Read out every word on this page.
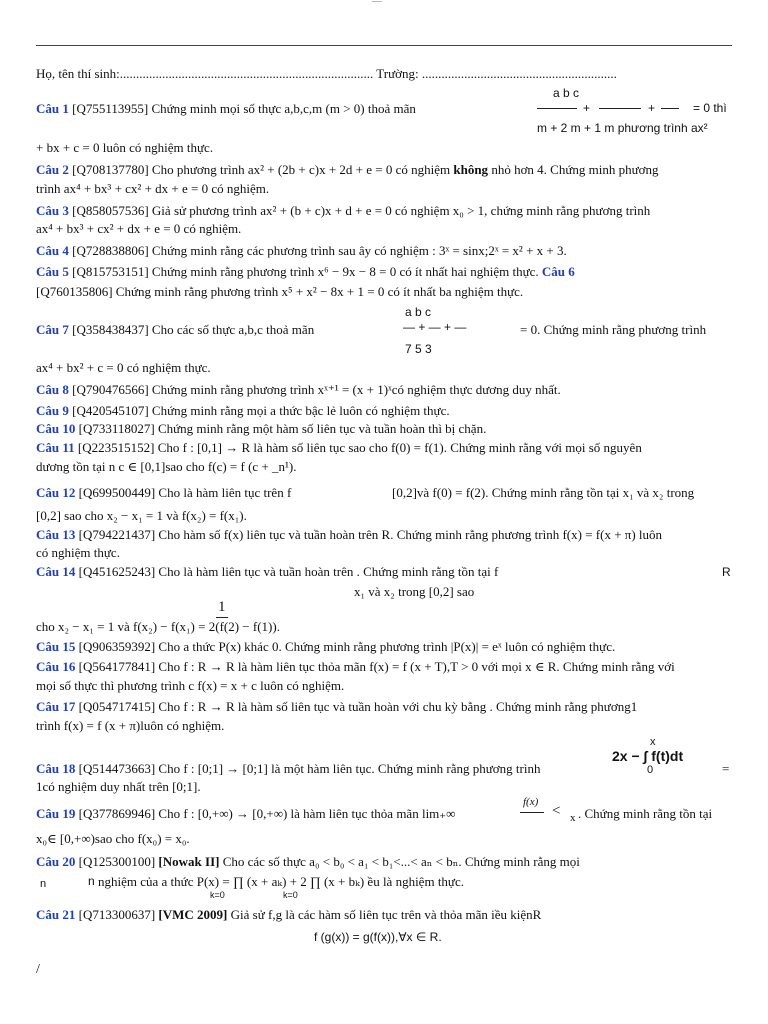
—
Họ, tên thí sinh:.............................................................................. Trường: ............................................................
a b c
+	+	= 0 thì
Câu 1 [Q755113955] Chứng minh mọi số thực a,b,c,m (m > 0) thoả mãn
m + 2 m + 1 m phương trình ax²
+ bx + c = 0 luôn có nghiệm thực.
Câu 2 [Q708137780] Cho phương trình ax² + (2b + c)x + 2d + e = 0 có nghiệm không nhỏ hơn 4. Chứng minh phương
trình ax⁴ + bx³ + cx² + dx + e = 0 có nghiệm.
Câu 3 [Q858057536] Giả sử phương trình ax² + (b + c)x + d + e = 0 có nghiệm x₀ > 1, chứng minh rằng phương trình
ax⁴ + bx³ + cx² + dx + e = 0 có nghiệm.
Câu 4 [Q728838806] Chứng minh rằng các phương trình sau ây có nghiệm : 3ˣ = sinx;2ˣ = x² + x + 3.
Câu 5 [Q815753151] Chứng minh rằng phương trình x⁶ − 9x − 8 = 0 có ít nhất hai nghiệm thực. Câu 6
[Q760135806] Chứng minh rằng phương trình x⁵ + x² − 8x + 1 = 0 có ít nhất ba nghiệm thực.
a b c
— + — + —
7 5 3
Câu 7 [Q358438437] Cho các số thực a,b,c thoả mãn	= 0. Chứng minh rằng phương trình
ax⁴ + bx² + c = 0 có nghiệm thực.
Câu 8 [Q790476566] Chứng minh rằng phương trình xˣ⁺¹ = (x + 1)ˣcó nghiệm thực dương duy nhất.
Câu 9 [Q420545107] Chứng minh rằng mọi a thức bậc lẻ luôn có nghiệm thực.
Câu 10 [Q733118027] Chứng minh rằng một hàm số liên tục và tuần hoàn thì bị chặn.
Câu 11 [Q223515152] Cho f : [0,1] → R là hàm số liên tục sao cho f(0) = f(1). Chứng minh rằng với mọi số nguyên
dương tồn tại n c ∈ [0,1]sao cho f(c) = f (c + _n¹).
Câu 12 [Q699500449] Cho là hàm liên tục trên f	[0,2]và f(0) = f(2). Chứng minh rằng tồn tại x₁ và x₂ trong
[0,2] sao cho x₂ − x₁ = 1 và f(x₂) = f(x₁).
Câu 13 [Q794221437] Cho hàm số f(x) liên tục và tuần hoàn trên R. Chứng minh rằng phương trình f(x) = f(x + π) luôn
có nghiệm thực.
Câu 14 [Q451625243] Cho là hàm liên tục và tuần hoàn trên . Chứng minh rằng tồn tại f	R
x₁ và x₂ trong [0,2] sao
1
cho x₂ − x₁ = 1 và f(x₂) − f(x₁) = 2(f(2) − f(1)).
Câu 15 [Q906359392] Cho a thức P(x) khác 0. Chứng minh rằng phương trình |P(x)| = eˣ luôn có nghiệm thực.
Câu 16 [Q564177841] Cho f : R → R là hàm liên tục thỏa mãn f(x) = f (x + T),T > 0 với mọi x ∈ R. Chứng minh rằng với
mọi số thực thì phương trình c f(x) = x + c luôn có nghiệm.
Câu 17 [Q054717415] Cho f : R → R là hàm số liên tục và tuần hoàn với chu kỳ bằng . Chứng minh rằng phương1
trình f(x) = f (x + π)luôn có nghiệm.
x
2x − ∫ f(t)dt
0	=
Câu 18 [Q514473663] Cho f : [0;1] → [0;1] là một hàm liên tục. Chứng minh rằng phương trình
1có nghiệm duy nhất trên [0;1].
f(x)
< x . Chứng minh rằng tồn tại
Câu 19 [Q377869946] Cho f : [0,+∞) → [0,+∞) là hàm liên tục thỏa mãn lim₊∞
x₀∈ [0,+∞)sao cho f(x₀) = x₀.
Câu 20 [Q125300100] [Nowak II] Cho các số thực a₀ < b₀ < a₁ < b₁<...< aₙ < bₙ. Chứng minh rằng mọi
n	n nghiệm của a thức P(x) = ∏ (x + aₖ) + 2 ∏ (x + bₖ) ều là nghiệm thực.
k=0	k=0
Câu 21 [Q713300637] [VMC 2009] Giả sử f,g là các hàm số liên tục trên và thỏa mãn iều kiệnR
f (g(x)) = g(f(x)),∀x ∈ R.
/
